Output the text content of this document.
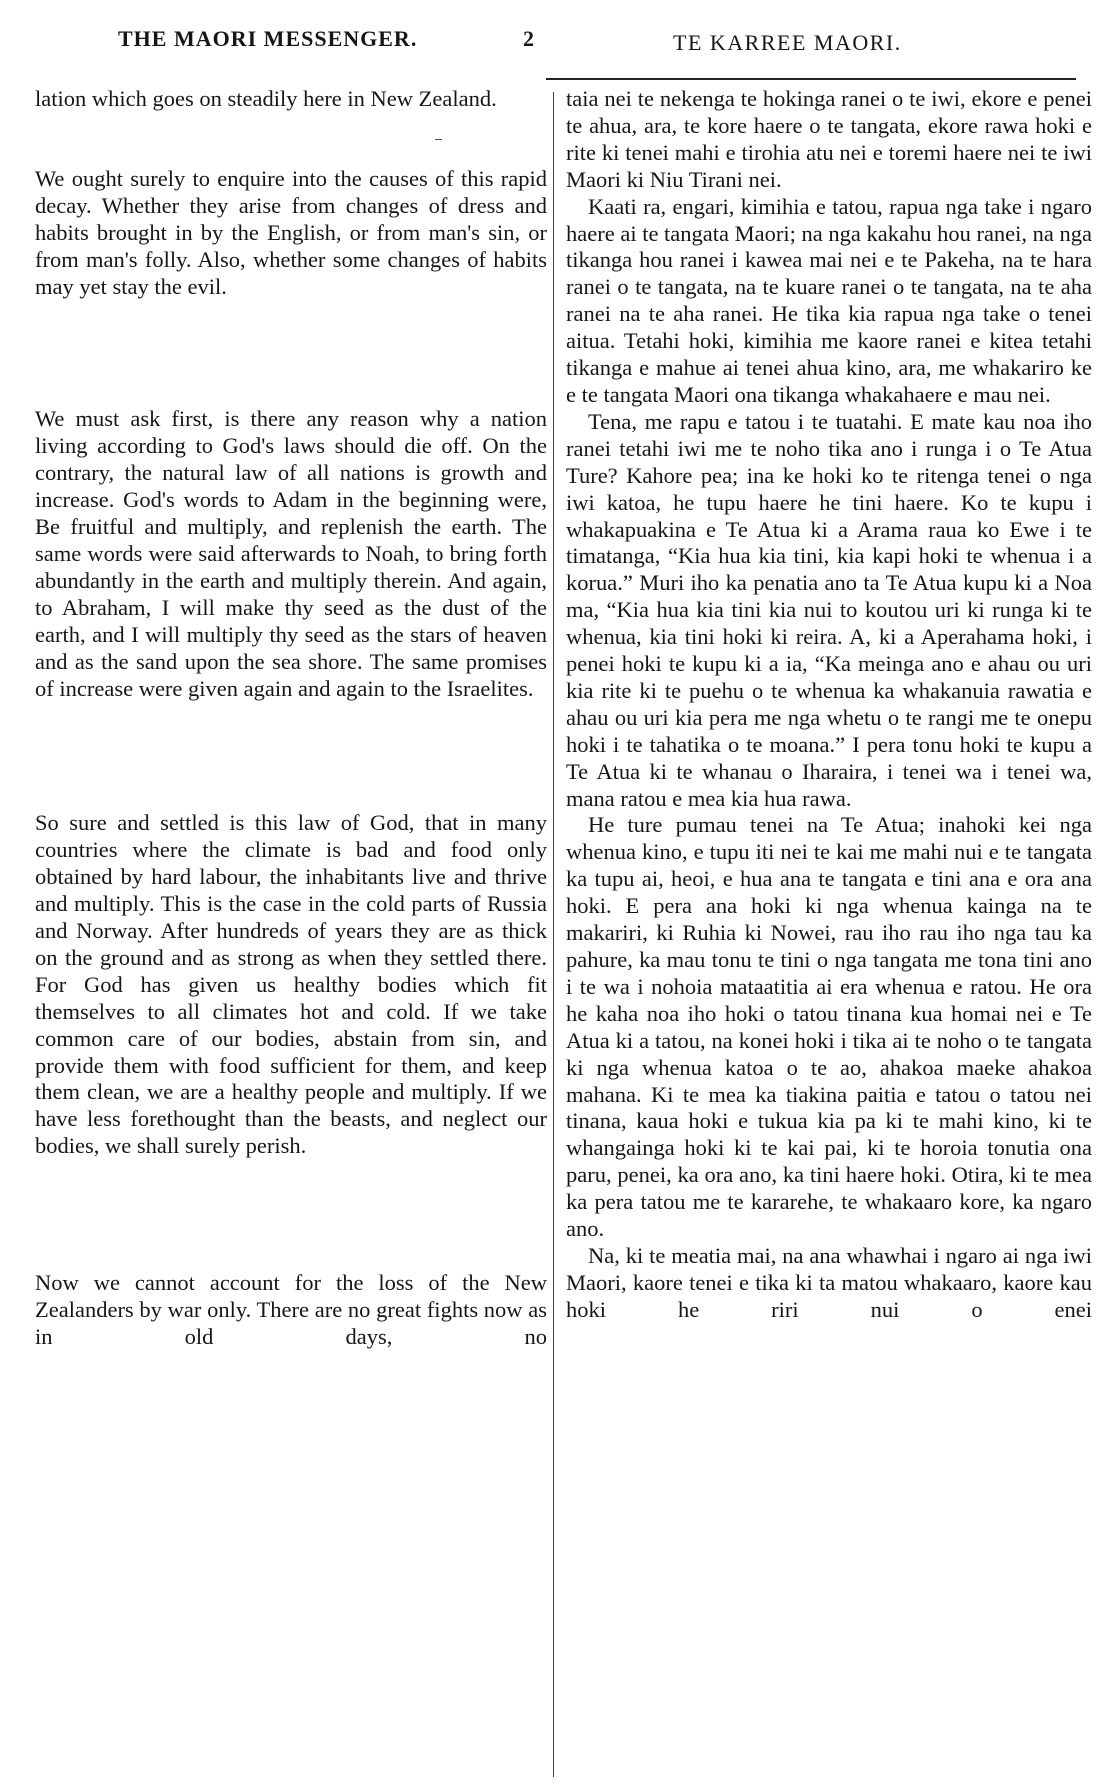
THE MAORI MESSENGER.	2	TE KARREE MAORI.

lation which goes on steadily here in New Zealand.

We ought surely to enquire into the causes of this rapid decay. Whether they arise from changes of dress and habits brought in by the English, or from man's sin, or from man's folly. Also, whether some changes of habits may yet stay the evil.

We must ask first, is there any reason why a nation living according to God's laws should die off. On the contrary, the natural law of all nations is growth and increase. God's words to Adam in the beginning were, Be fruitful and multiply, and replenish the earth. The same words were said afterwards to Noah, to bring forth abundantly in the earth and multiply therein. And again, to Abraham, I will make thy seed as the dust of the earth, and I will multiply thy seed as the stars of heaven and as the sand upon the sea shore. The same promises of increase were given again and again to the Israelites.

So sure and settled is this law of God, that in many countries where the climate is bad and food only obtained by hard labour, the inhabitants live and thrive and multiply. This is the case in the cold parts of Russia and Norway. After hundreds of years they are as thick on the ground and as strong as when they settled there. For God has given us healthy bodies which fit themselves to all climates hot and cold. If we take common care of our bodies, abstain from sin, and provide them with food sufficient for them, and keep them clean, we are a healthy people and multiply. If we have less forethought than the beasts, and neglect our bodies, we shall surely perish.

Now we cannot account for the loss of the New Zealanders by war only. There are no great fights now as in old days, no

taia nei te nekenga te hokinga ranei o te iwi, ekore e penei te ahua, ara, te kore haere o te tangata, ekore rawa hoki e rite ki tenei mahi e tirohia atu nei e toremi haere nei te iwi Maori ki Niu Tirani nei.

Kaati ra, engari, kimihia e tatou, rapua nga take i ngaro haere ai te tangata Maori; na nga kakahu hou ranei, na nga tikanga hou ranei i kawea mai nei e te Pakeha, na te hara ranei o te tangata, na te kuare ranei o te tangata, na te aha ranei na te aha ranei. He tika kia rapua nga take o tenei aitua. Tetahi hoki, kimihia me kaore ranei e kitea tetahi tikanga e mahue ai tenei ahua kino, ara, me whakariro ke e te tangata Maori ona tikanga whakahaere e mau nei.

Tena, me rapu e tatou i te tuatahi. E mate kau noa iho ranei tetahi iwi me te noho tika ano i runga i o Te Atua Ture? Kahore pea; ina ke hoki ko te ritenga tenei o nga iwi katoa, he tupu haere he tini haere. Ko te kupu i whakapuakina e Te Atua ki a Arama raua ko Ewe i te timatanga, “Kia hua kia tini, kia kapi hoki te whenua i a korua.” Muri iho ka penatia ano ta Te Atua kupu ki a Noa ma, “Kia hua kia tini kia nui to koutou uri ki runga ki te whenua, kia tini hoki ki reira. A, ki a Aperahama hoki, i penei hoki te kupu ki a ia, “Ka meinga ano e ahau ou uri kia rite ki te puehu o te whenua ka whakanuia rawatia e ahau ou uri kia pera me nga whetu o te rangi me te onepu hoki i te tahatika o te moana.” I pera tonu hoki te kupu a Te Atua ki te whanau o Iharaira, i tenei wa i tenei wa, mana ratou e mea kia hua rawa.

He ture pumau tenei na Te Atua; inahoki kei nga whenua kino, e tupu iti nei te kai me mahi nui e te tangata ka tupu ai, heoi, e hua ana te tangata e tini ana e ora ana hoki. E pera ana hoki ki nga whenua kainga na te makariri, ki Ruhia ki Nowei, rau iho rau iho nga tau ka pahure, ka mau tonu te tini o nga tangata me tona tini ano i te wa i nohoia mataatitia ai era whenua e ratou. He ora he kaha noa iho hoki o tatou tinana kua homai nei e Te Atua ki a tatou, na konei hoki i tika ai te noho o te tangata ki nga whenua katoa o te ao, ahakoa maeke ahakoa mahana. Ki te mea ka tiakina paitia e tatou o tatou nei tinana, kaua hoki e tukua kia pa ki te mahi kino, ki te whangainga hoki ki te kai pai, ki te horoia tonutia ona paru, penei, ka ora ano, ka tini haere hoki. Otira, ki te mea ka pera tatou me te kararehe, te whakaaro kore, ka ngaro ano.

Na, ki te meatia mai, na ana whawhai i ngaro ai nga iwi Maori, kaore tenei e tika ki ta matou whakaaro, kaore kau hoki he riri nui o enei
